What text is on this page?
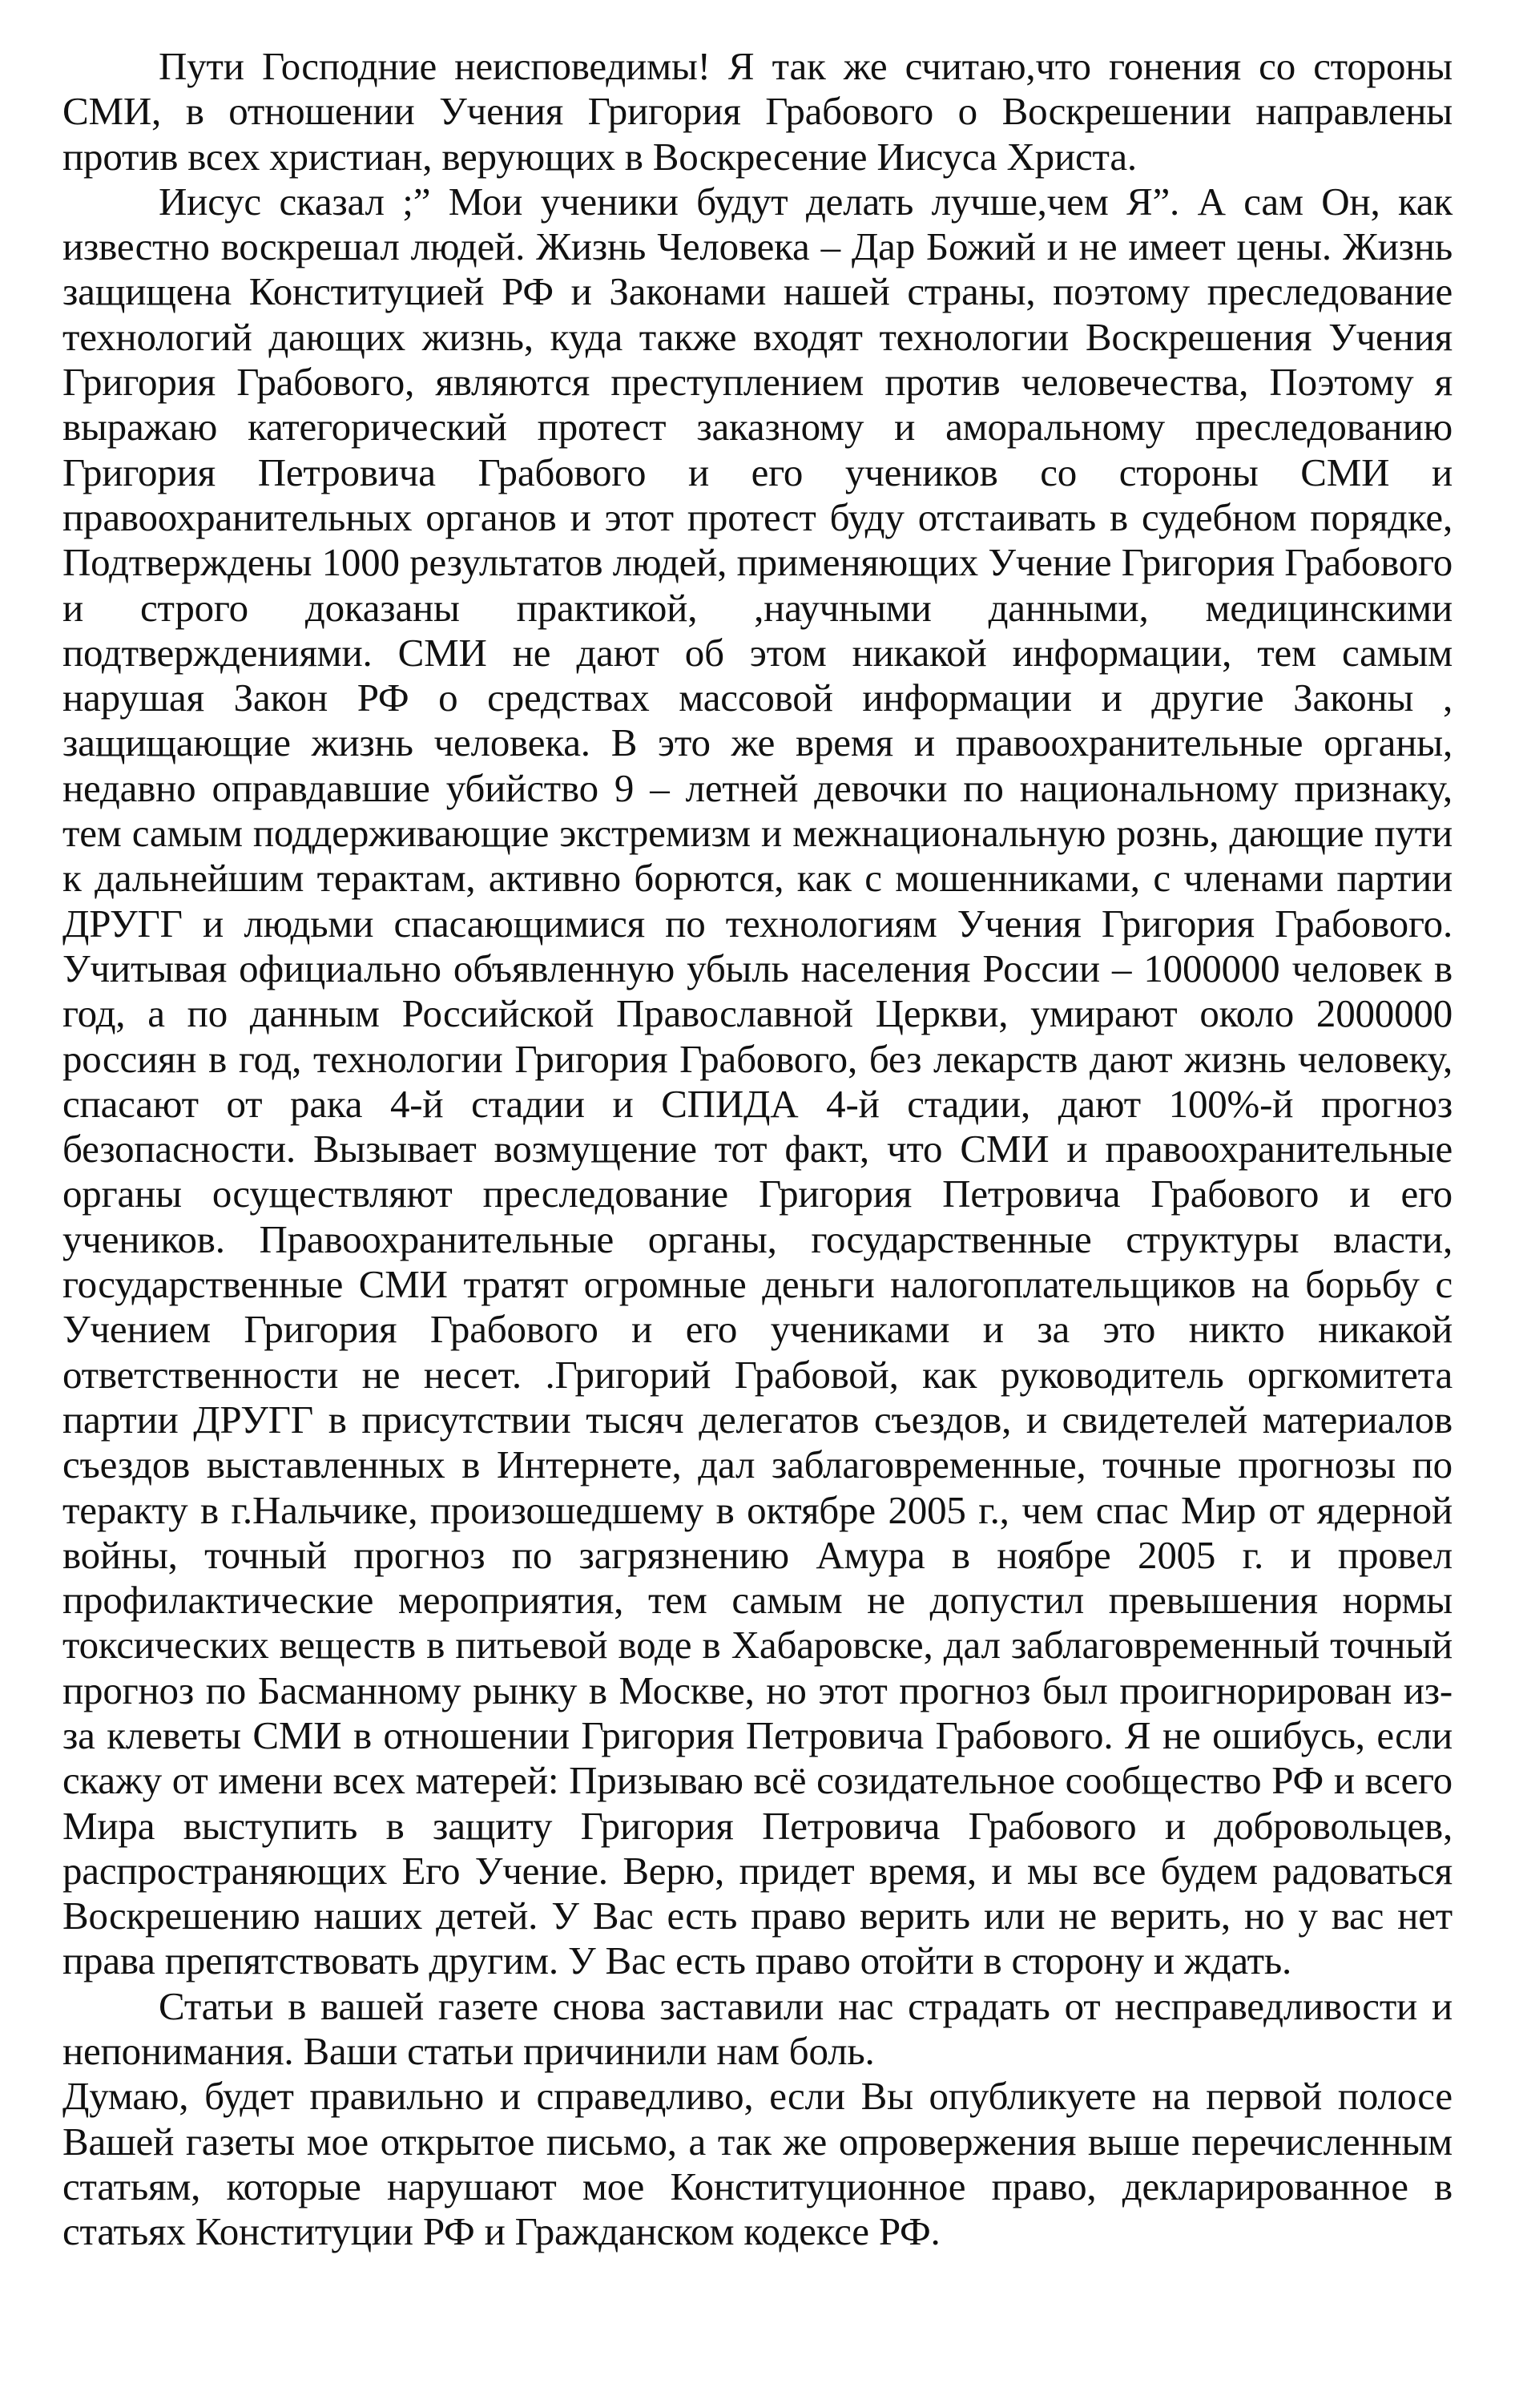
Пути Господние неисповедимы! Я так же считаю,что гонения со стороны СМИ, в отношении Учения Григория Грабового о Воскрешении направлены против всех христиан, верующих в Воскресение Иисуса Христа.

Иисус сказал ;” Мои ученики будут делать лучше,чем Я”. А сам Он, как известно воскрешал людей. Жизнь Человека – Дар Божий и не имеет цены. Жизнь защищена Конституцией РФ и Законами нашей страны, поэтому преследование технологий дающих жизнь, куда также входят технологии Воскрешения Учения Григория Грабового, являются преступлением против человечества, Поэтому я выражаю категорический протест заказному и аморальному преследованию Григория Петровича Грабового и его учеников со стороны СМИ и правоохранительных органов и этот протест буду отстаивать в судебном порядке, Подтверждены 1000 результатов людей, применяющих Учение Григория Грабового и строго доказаны практикой, ,научными данными, медицинскими подтверждениями. СМИ не дают об этом никакой информации, тем самым нарушая Закон РФ о средствах массовой информации и другие Законы , защищающие жизнь человека. В это же время и правоохранительные органы, недавно оправдавшие убийство 9 – летней девочки по национальному признаку, тем самым поддерживающие экстремизм и межнациональную рознь, дающие пути к дальнейшим терактам, активно борются, как с мошенниками, с членами партии ДРУГГ и людьми спасающимися по технологиям Учения Григория Грабового. Учитывая официально объявленную убыль населения России – 1000000 человек в год, а по данным Российской Православной Церкви, умирают около 2000000 россиян в год, технологии Григория Грабового, без лекарств дают жизнь человеку, спасают от рака 4-й стадии и СПИДА 4-й стадии, дают 100%-й прогноз безопасности. Вызывает возмущение тот факт, что СМИ и правоохранительные органы осуществляют преследование Григория Петровича Грабового и его учеников. Правоохранительные органы, государственные структуры власти, государственные СМИ тратят огромные деньги налогоплательщиков на борьбу с Учением Григория Грабового и его учениками и за это никто никакой ответственности не несет. .Григорий Грабовой, как руководитель оргкомитета партии ДРУГГ в присутствии тысяч делегатов съездов, и свидетелей материалов съездов выставленных в Интернете, дал заблаговременные, точные прогнозы по теракту в г.Нальчике, произошедшему в октябре 2005 г., чем спас Мир от ядерной войны, точный прогноз по загрязнению Амура в ноябре 2005 г. и провел профилактические мероприятия, тем самым не допустил превышения нормы токсических веществ в питьевой воде в Хабаровске, дал заблаговременный точный прогноз по Басманному рынку в Москве, но этот прогноз был проигнорирован из-за клеветы СМИ в отношении Григория Петровича Грабового. Я не ошибусь, если скажу от имени всех матерей: Призываю всё созидательное сообщество РФ и всего Мира выступить в защиту Григория Петровича Грабового и добровольцев, распространяющих Его Учение. Верю, придет время, и мы все будем радоваться Воскрешению наших детей. У Вас есть право верить или не верить, но у вас нет права препятствовать другим. У Вас есть право отойти в сторону и ждать.

Статьи в вашей газете снова заставили нас страдать от несправедливости и непонимания. Ваши статьи причинили нам боль.

Думаю, будет правильно и справедливо, если Вы опубликуете на первой полосе Вашей газеты мое открытое письмо, а так же опровержения выше перечисленным статьям, которые нарушают мое Конституционное право, декларированное в статьях Конституции РФ и Гражданском кодексе РФ.
